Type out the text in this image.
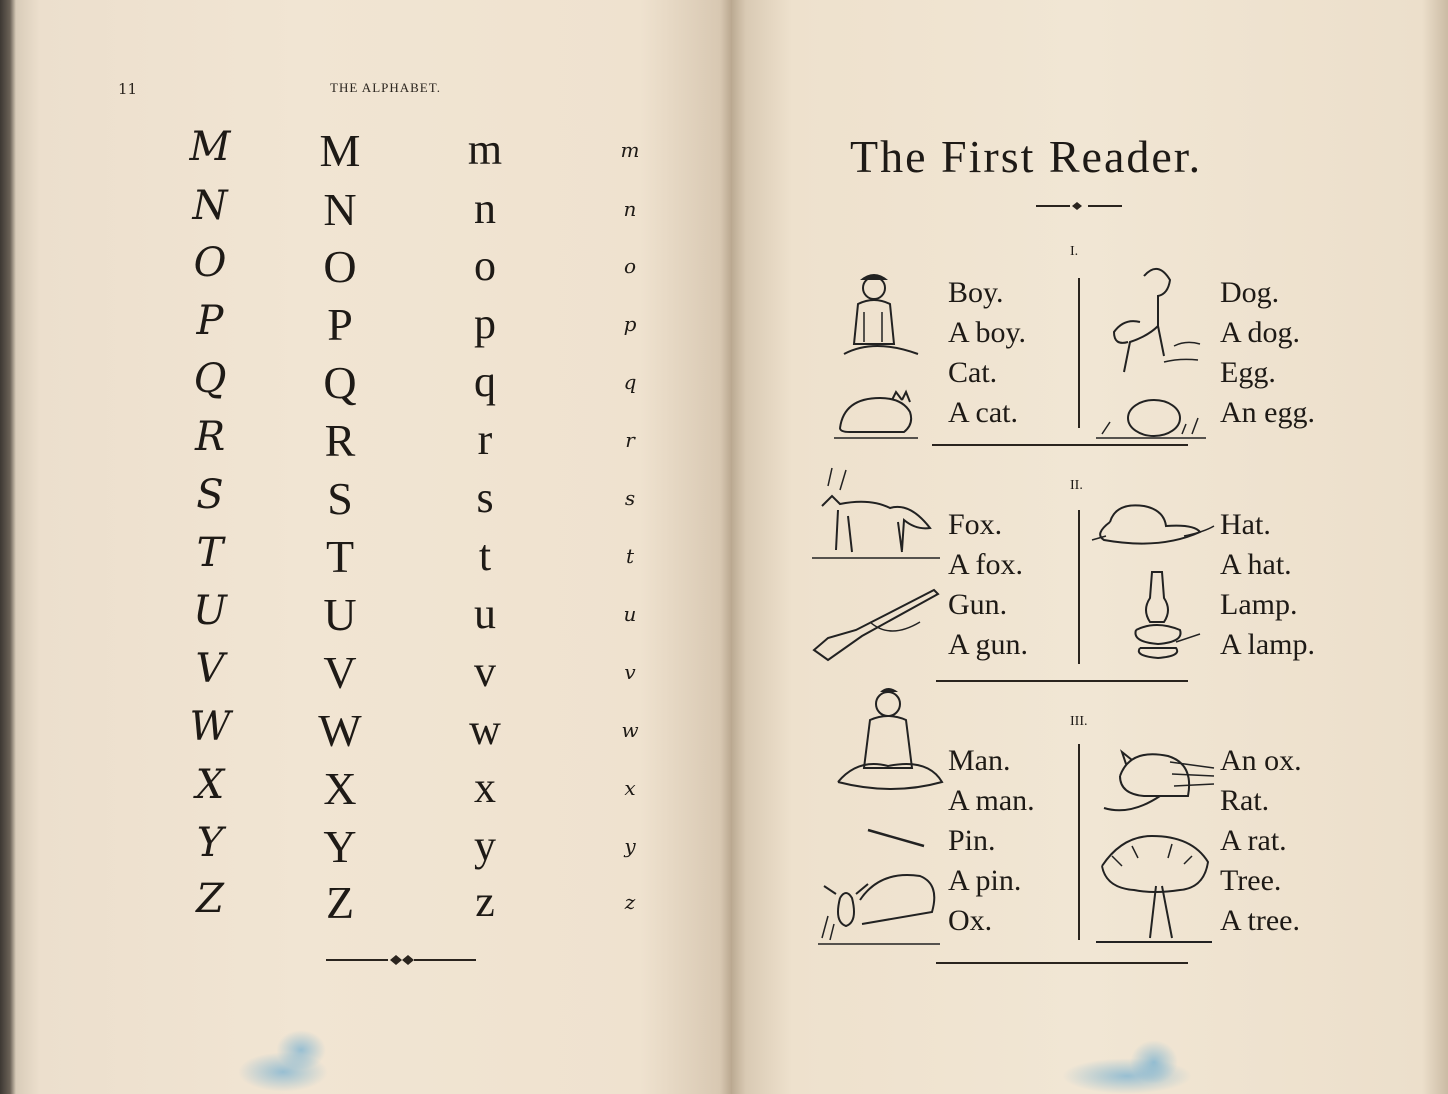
11	THE ALPHABET.
M	M	m	m
N	N	n	n
O	O	o	o
P	P	p	p
Q	Q	q	q
R	R	r	r
S	S	s	s
T	T	t	t
U	U	u	u
V	V	v	v
W	W	w	w
X	X	x	x
Y	Y	y	y
Z	Z	z	z
The First Reader.
I.
Boy.
A boy.
Cat.
A cat.
Dog.
A dog.
Egg.
An egg.
II.
Fox.
A fox.
Gun.
A gun.
Hat.
A hat.
Lamp.
A lamp.
III.
Man.
A man.
Pin.
A pin.
Ox.
An ox.
Rat.
A rat.
Tree.
A tree.
